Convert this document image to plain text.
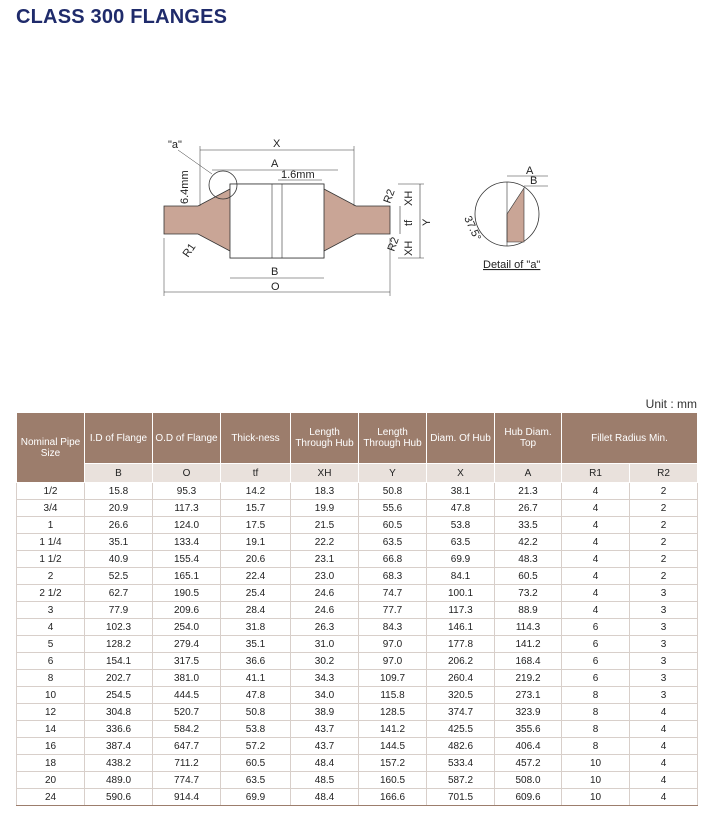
CLASS 300 FLANGES
X
A
1.6mm
"a"
6.4mm	R2 XH
tf Y
XH
R2
R1
B
O
A
B
37.5°
Detail of "a"
Unit : mm
Nominal Pipe Size	I.D of Flange	O.D of Flange	Thick-ness	Length Through Hub	Length Through Hub	Diam. Of Hub	Hub Diam. Top	Fillet Radius Min.	
	B	O	tf	XH	Y	X	A	R1	R2
1/2	15.8	95.3	14.2	18.3	50.8	38.1	21.3	4	2
3/4	20.9	117.3	15.7	19.9	55.6	47.8	26.7	4	2
1	26.6	124.0	17.5	21.5	60.5	53.8	33.5	4	2
1 1/4	35.1	133.4	19.1	22.2	63.5	63.5	42.2	4	2
1 1/2	40.9	155.4	20.6	23.1	66.8	69.9	48.3	4	2
2	52.5	165.1	22.4	23.0	68.3	84.1	60.5	4	2
2 1/2	62.7	190.5	25.4	24.6	74.7	100.1	73.2	4	3
3	77.9	209.6	28.4	24.6	77.7	117.3	88.9	4	3
4	102.3	254.0	31.8	26.3	84.3	146.1	114.3	6	3
5	128.2	279.4	35.1	31.0	97.0	177.8	141.2	6	3
6	154.1	317.5	36.6	30.2	97.0	206.2	168.4	6	3
8	202.7	381.0	41.1	34.3	109.7	260.4	219.2	6	3
10	254.5	444.5	47.8	34.0	115.8	320.5	273.1	8	3
12	304.8	520.7	50.8	38.9	128.5	374.7	323.9	8	4
14	336.6	584.2	53.8	43.7	141.2	425.5	355.6	8	4
16	387.4	647.7	57.2	43.7	144.5	482.6	406.4	8	4
18	438.2	711.2	60.5	48.4	157.2	533.4	457.2	10	4
20	489.0	774.7	63.5	48.5	160.5	587.2	508.0	10	4
24	590.6	914.4	69.9	48.4	166.6	701.5	609.6	10	4
